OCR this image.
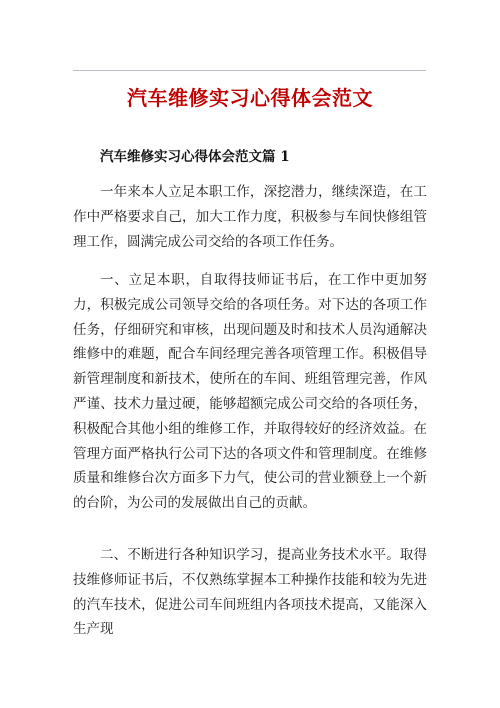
汽车维修实习心得体会范文
汽车维修实习心得体会范文篇 1

一年来本人立足本职工作，深挖潜力，继续深造，在工作中严格要求自己，加大工作力度，积极参与车间快修组管理工作，圆满完成公司交给的各项工作任务。

一、立足本职，自取得技师证书后，在工作中更加努力，积极完成公司领导交给的各项任务。对下达的各项工作任务，仔细研究和审核，出现问题及时和技术人员沟通解决维修中的难题，配合车间经理完善各项管理工作。积极倡导新管理制度和新技术，使所在的车间、班组管理完善，作风严谨、技术力量过硬，能够超额完成公司交给的各项任务，积极配合其他小组的维修工作，并取得较好的经济效益。在管理方面严格执行公司下达的各项文件和管理制度。在维修质量和维修台次方面多下力气，使公司的营业额登上一个新的台阶，为公司的发展做出自己的贡献。

二、不断进行各种知识学习，提高业务技术水平。取得技维修师证书后，不仅熟练掌握本工种操作技能和较为先进的汽车技术，促进公司车间班组内各项技术提高，又能深入生产现
